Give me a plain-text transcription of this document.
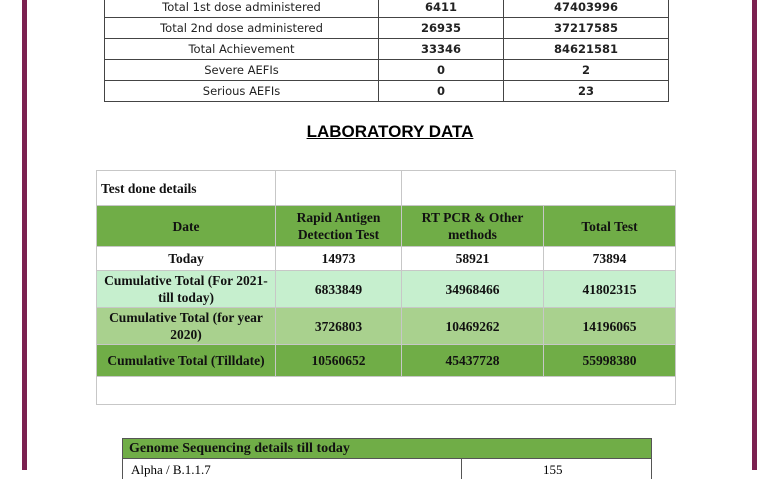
Total 1st dose administered	6411	47403996
Total 2nd dose administered	26935	37217585
Total Achievement	33346	84621581
Severe AEFIs	0	2
Serious AEFIs	0	23
LABORATORY DATA
Test done details			
Date	Rapid Antigen Detection Test	RT PCR & Other methods	Total Test
Today	14973	58921	73894
Cumulative Total (For 2021- till today)	6833849	34968466	41802315
Cumulative Total (for year 2020)	3726803	10469262	14196065
Cumulative Total (Tilldate)	10560652	45437728	55998380

Genome Sequencing details till today
Alpha / B.1.1.7	155
